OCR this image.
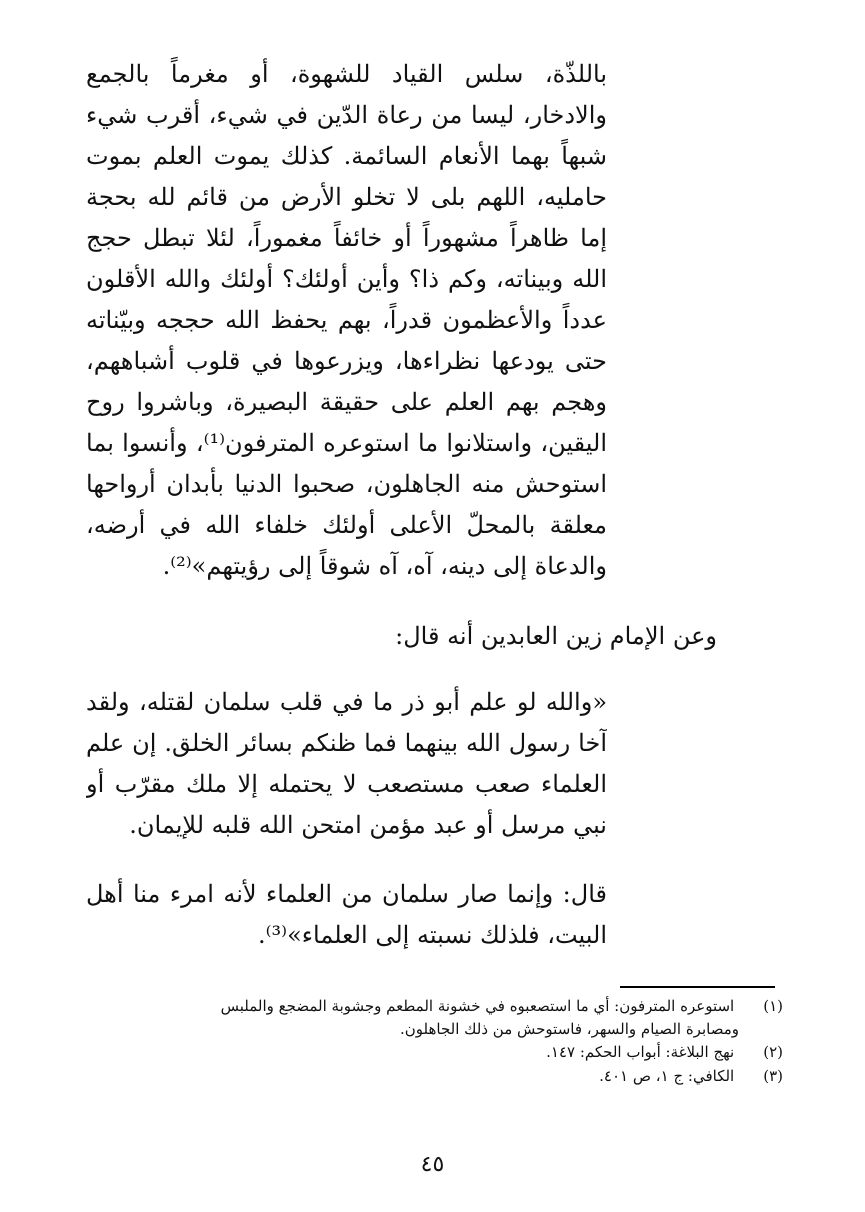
باللذّة، سلس القياد للشهوة، أو مغرماً بالجمع
والادخار، ليسا من رعاة الدّين في شيء، أقرب شيء
شبهاً بهما الأنعام السائمة. كذلك يموت العلم بموت
حامليه، اللهم بلى لا تخلو الأرض من قائم لله بحجة
إما ظاهراً مشهوراً أو خائفاً مغموراً، لئلا تبطل حجج
الله وبيناته، وكم ذا؟ وأين أولئك؟ أولئك والله الأقلون
عدداً والأعظمون قدراً، بهم يحفظ الله حججه وبيّناته
حتى يودعها نظراءها، ويزرعوها في قلوب أشباههم،
وهجم بهم العلم على حقيقة البصيرة، وباشروا روح
اليقين، واستلانوا ما استوعره المترفون⁽¹⁾، وأنسوا بما
استوحش منه الجاهلون، صحبوا الدنيا بأبدان أرواحها
معلقة بالمحلّ الأعلى أولئك خلفاء الله في أرضه،
والدعاة إلى دينه، آه، آه شوقاً إلى رؤيتهم»⁽²⁾.
وعن الإمام زين العابدين أنه قال:
«والله لو علم أبو ذر ما في قلب سلمان لقتله، ولقد
آخا رسول الله بينهما فما ظنكم بسائر الخلق. إن علم
العلماء صعب مستصعب لا يحتمله إلا ملك مقرّب أو
نبي مرسل أو عبد مؤمن امتحن الله قلبه للإيمان.
قال: وإنما صار سلمان من العلماء لأنه امرء منا أهل
البيت، فلذلك نسبته إلى العلماء»⁽³⁾.
(١) استوعره المترفون: أي ما استصعبوه في خشونة المطعم وجشوبة المضجع والملبس
ومصابرة الصيام والسهر، فاستوحش من ذلك الجاهلون.
(٢) نهج البلاغة: أبواب الحكم: ١٤٧.
(٣) الكافي: ج ١، ص ٤٠١.
٤٥
